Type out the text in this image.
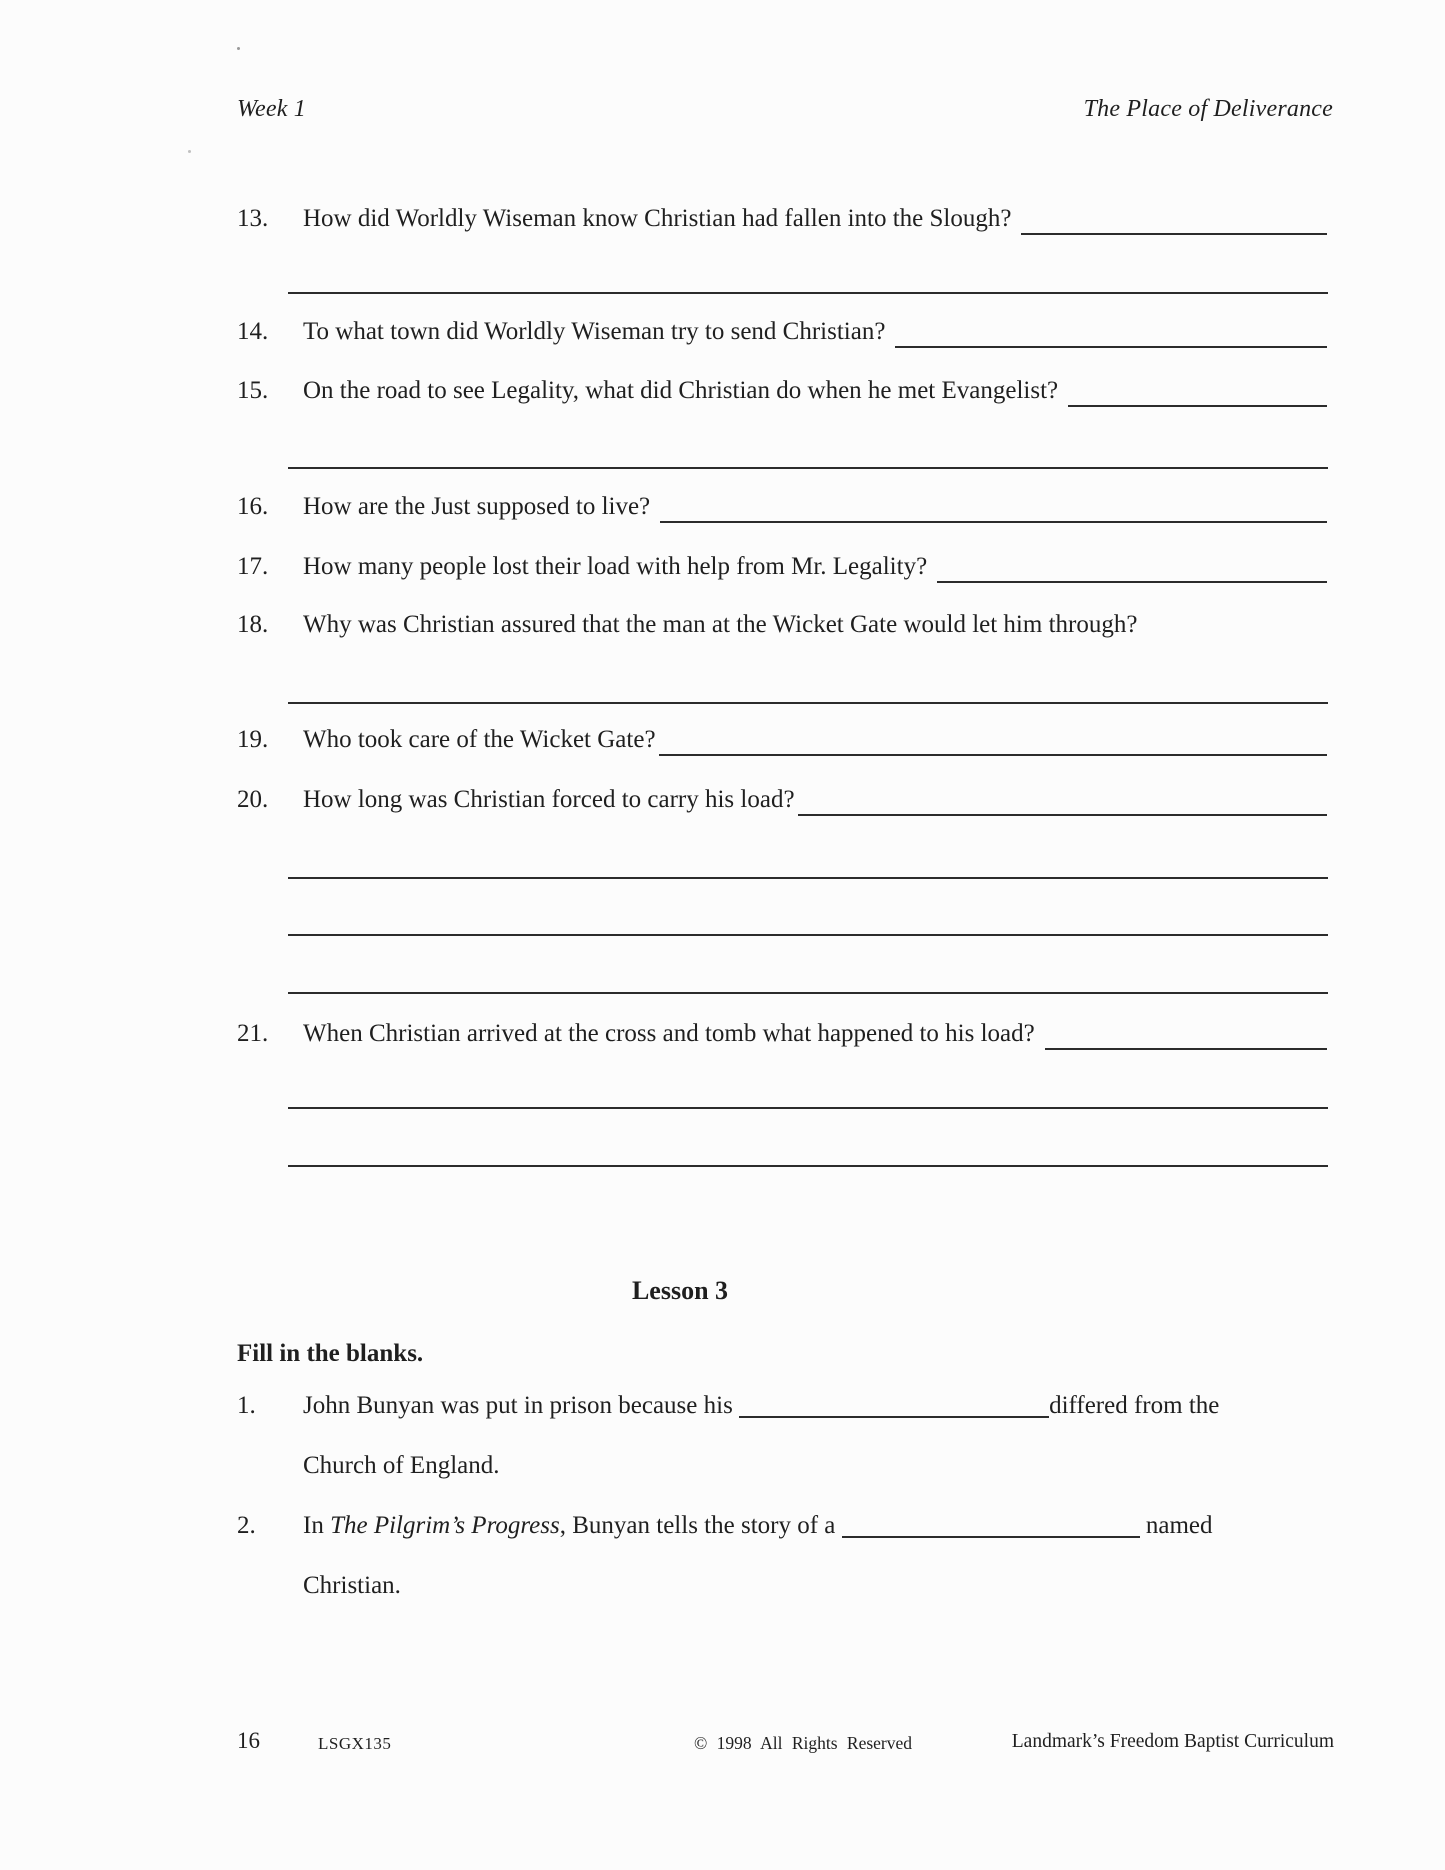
Week 1	The Place of Deliverance
13.	How did Worldly Wiseman know Christian had fallen into the Slough?
14.	To what town did Worldly Wiseman try to send Christian?
15.	On the road to see Legality, what did Christian do when he met Evangelist?
16.	How are the Just supposed to live?
17.	How many people lost their load with help from Mr. Legality?
18.	Why was Christian assured that the man at the Wicket Gate would let him through?
19.	Who took care of the Wicket Gate?
20.	How long was Christian forced to carry his load?
21.	When Christian arrived at the cross and tomb what happened to his load?
Lesson 3
Fill in the blanks.
1. John Bunyan was put in prison because his	differed from the
Church of England.
2. In The Pilgrim’s Progress, Bunyan tells the story of a	named
Christian.
16	LSGX135	© 1998 All Rights Reserved	Landmark’s Freedom Baptist Curriculum
